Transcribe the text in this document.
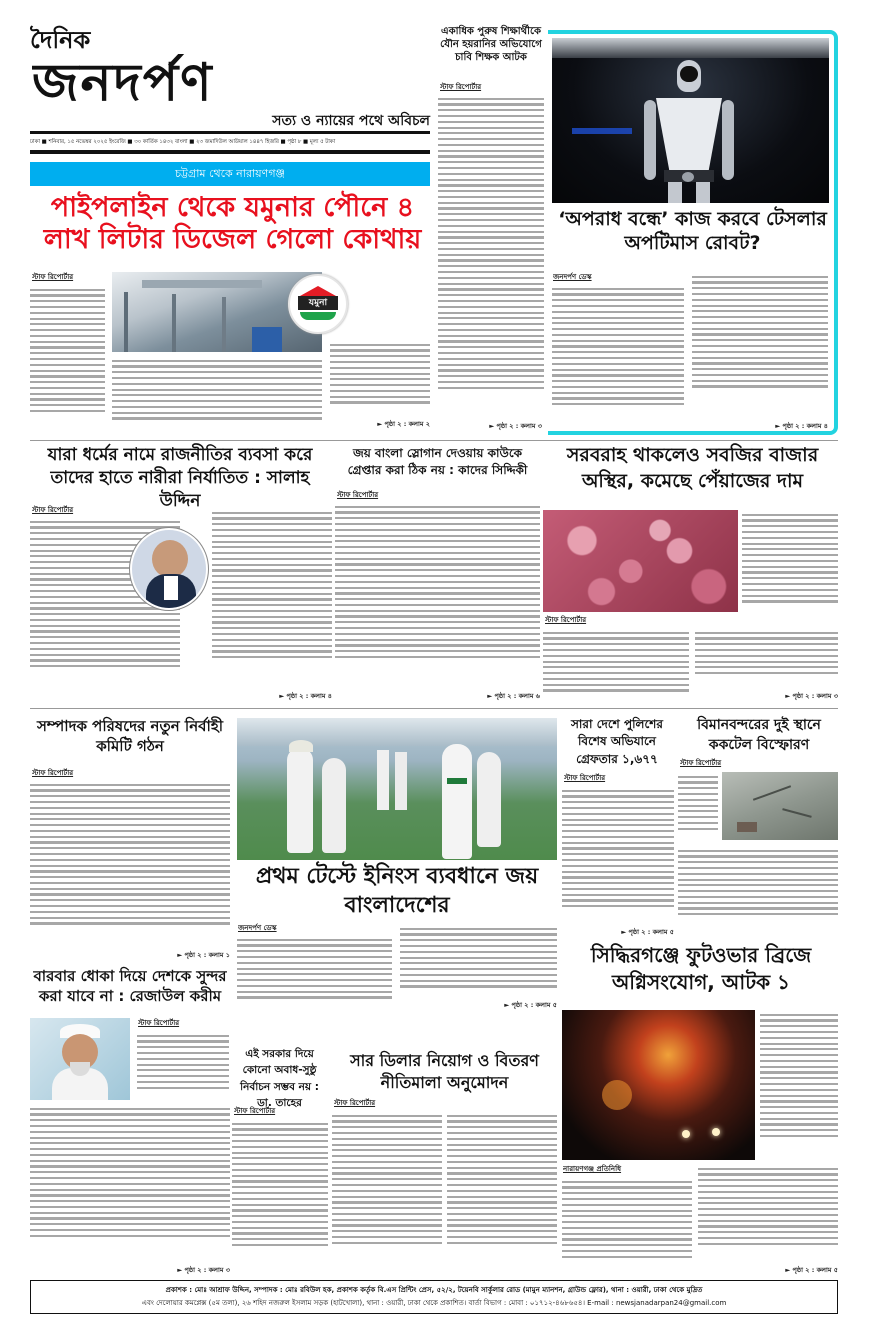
দৈনিক
জনদর্পণ
সত্য ও ন্যায়ের পথে অবিচল
ঢাকা ■ শনিবার, ১৫ নভেম্বর ২০২৫ ইংরেজি ■ ৩০ কার্তিক ১৪৩২ বাংলা ■ ২৩ জমাদিউল আউয়াল ১৪৪৭ হিজরি ■ পৃষ্ঠা ৮ ■ মূল্য ৫ টাকা
চট্টগ্রাম থেকে নারায়ণগঞ্জ
পাইপলাইন থেকে যমুনার পৌনে ৪ লাখ লিটার ডিজেল গেলো কোথায়
স্টাফ রিপোর্টার
যমুনা
► পৃষ্ঠা ২ : কলাম ২
একাধিক পুরুষ শিক্ষার্থীকে যৌন হয়রানির অভিযোগে চাবি শিক্ষক আটক
স্টাফ রিপোর্টার
► পৃষ্ঠা ২ : কলাম ৩
‘অপরাধ বন্ধে’ কাজ করবে টেসলার অপটিমাস রোবট?
জনদর্পণ ডেস্ক
► পৃষ্ঠা ২ : কলাম ৪
যারা ধর্মের নামে রাজনীতির ব্যবসা করে তাদের হাতে নারীরা নির্যাতিত : সালাহ উদ্দিন
স্টাফ রিপোর্টার
► পৃষ্ঠা ২ : কলাম ৪
জয় বাংলা স্লোগান দেওয়ায় কাউকে গ্রেপ্তার করা ঠিক নয় : কাদের সিদ্দিকী
স্টাফ রিপোর্টার
► পৃষ্ঠা ২ : কলাম ৬
সরবরাহ থাকলেও সবজির বাজার অস্থির, কমেছে পেঁয়াজের দাম
স্টাফ রিপোর্টার
► পৃষ্ঠা ২ : কলাম ৩
সম্পাদক পরিষদের নতুন নির্বাহী কমিটি গঠন
স্টাফ রিপোর্টার
► পৃষ্ঠা ২ : কলাম ১
প্রথম টেস্টে ইনিংস ব্যবধানে জয় বাংলাদেশের
জনদর্পণ ডেস্ক
► পৃষ্ঠা ২ : কলাম ৫
সারা দেশে পুলিশের বিশেষ অভিযানে গ্রেফতার ১,৬৭৭
স্টাফ রিপোর্টার
► পৃষ্ঠা ২ : কলাম ৫
বিমানবন্দরের দুই স্থানে ককটেল বিস্ফোরণ
স্টাফ রিপোর্টার
সিদ্ধিরগঞ্জে ফুটওভার ব্রিজে অগ্নিসংযোগ, আটক ১
নারায়ণগঞ্জ প্রতিনিধি
► পৃষ্ঠা ২ : কলাম ৫
বারবার ধোকা দিয়ে দেশকে সুন্দর করা যাবে না : রেজাউল করীম
স্টাফ রিপোর্টার
► পৃষ্ঠা ২ : কলাম ৩
এই সরকার দিয়ে কোনো অবাধ-সুষ্ঠু নির্বাচন সম্ভব নয় : ডা. তাহের
স্টাফ রিপোর্টার
সার ডিলার নিয়োগ ও বিতরণ নীতিমালা অনুমোদন
স্টাফ রিপোর্টার
প্রকাশক : মোঃ আশ্রাফ উদ্দিন, সম্পাদক : মোঃ রবিউল হক, প্রকাশক কর্তৃক বি.এস প্রিন্টিং প্রেস, ৫২/২, টয়েনবি সার্কুলার রোড (মামুন ম্যানশন, গ্রাউন্ড ফ্লোর), থানা : ওয়ারী, ঢাকা থেকে মুদ্রিত
এবং দেলোয়ার কমপ্লেক্স (৫ম তলা), ২৬ শহিদ নজরুল ইসলাম সড়ক (হাটখোলা), থানা : ওয়ারী, ঢাকা থেকে প্রকাশিত। বার্তা বিভাগ : মোবা : ০১৭১২-৪৬৮৬৫৪। E-mail : newsjanadarpan24@gmail.com
